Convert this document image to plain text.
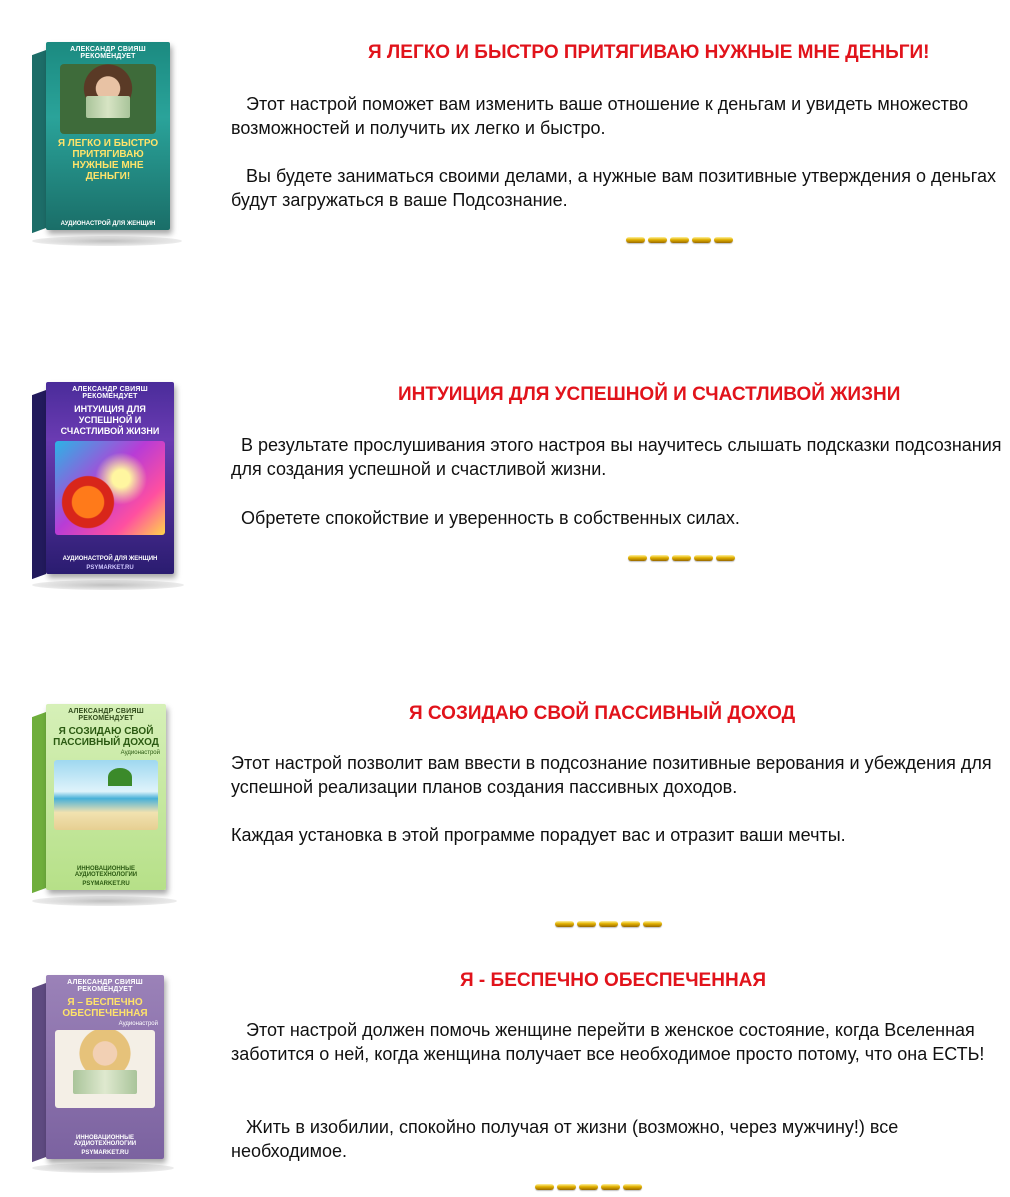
АЛЕКСАНДР СВИЯШ РЕКОМЕНДУЕТ
Я ЛЕГКО И БЫСТРО ПРИТЯГИВАЮ НУЖНЫЕ МНЕ ДЕНЬГИ!
АУДИОНАСТРОЙ ДЛЯ ЖЕНЩИН
Я ЛЕГКО И БЫСТРО ПРИТЯГИВАЮ НУЖНЫЕ МНЕ ДЕНЬГИ!

Этот настрой поможет вам изменить ваше отношение к деньгам и увидеть множество возможностей и получить их легко и быстро.

Вы будете заниматься своими делами, а нужные вам позитивные утверждения о деньгах будут загружаться в ваше Подсознание.

АЛЕКСАНДР СВИЯШ РЕКОМЕНДУЕТ
ИНТУИЦИЯ ДЛЯ УСПЕШНОЙ И СЧАСТЛИВОЙ ЖИЗНИ
АУДИОНАСТРОЙ ДЛЯ ЖЕНЩИН
PSYMARKET.RU
ИНТУИЦИЯ ДЛЯ УСПЕШНОЙ И СЧАСТЛИВОЙ ЖИЗНИ

В результате прослушивания этого настроя вы научитесь слышать подсказки подсознания для создания успешной и счастливой жизни.

Обретете спокойствие и уверенность в собственных силах.

АЛЕКСАНДР СВИЯШ РЕКОМЕНДУЕТ
Я СОЗИДАЮ СВОЙ ПАССИВНЫЙ ДОХОД
Аудионастрой
ИННОВАЦИОННЫЕ АУДИОТЕХНОЛОГИИ
PSYMARKET.RU
Я СОЗИДАЮ СВОЙ ПАССИВНЫЙ ДОХОД

Этот настрой позволит вам ввести в подсознание позитивные верования и убеждения для успешной реализации планов создания пассивных доходов.

Каждая установка в этой программе порадует вас и отразит ваши мечты.

АЛЕКСАНДР СВИЯШ РЕКОМЕНДУЕТ
Я – БЕСПЕЧНО ОБЕСПЕЧЕННАЯ
Аудионастрой
ИННОВАЦИОННЫЕ АУДИОТЕХНОЛОГИИ
PSYMARKET.RU
Я - БЕСПЕЧНО ОБЕСПЕЧЕННАЯ

Этот настрой должен помочь женщине перейти в женское состояние, когда Вселенная заботится о ней, когда женщина получает все необходимое просто потому, что она ЕСТЬ!

Жить в изобилии, спокойно получая от жизни (возможно, через мужчину!) все необходимое.
